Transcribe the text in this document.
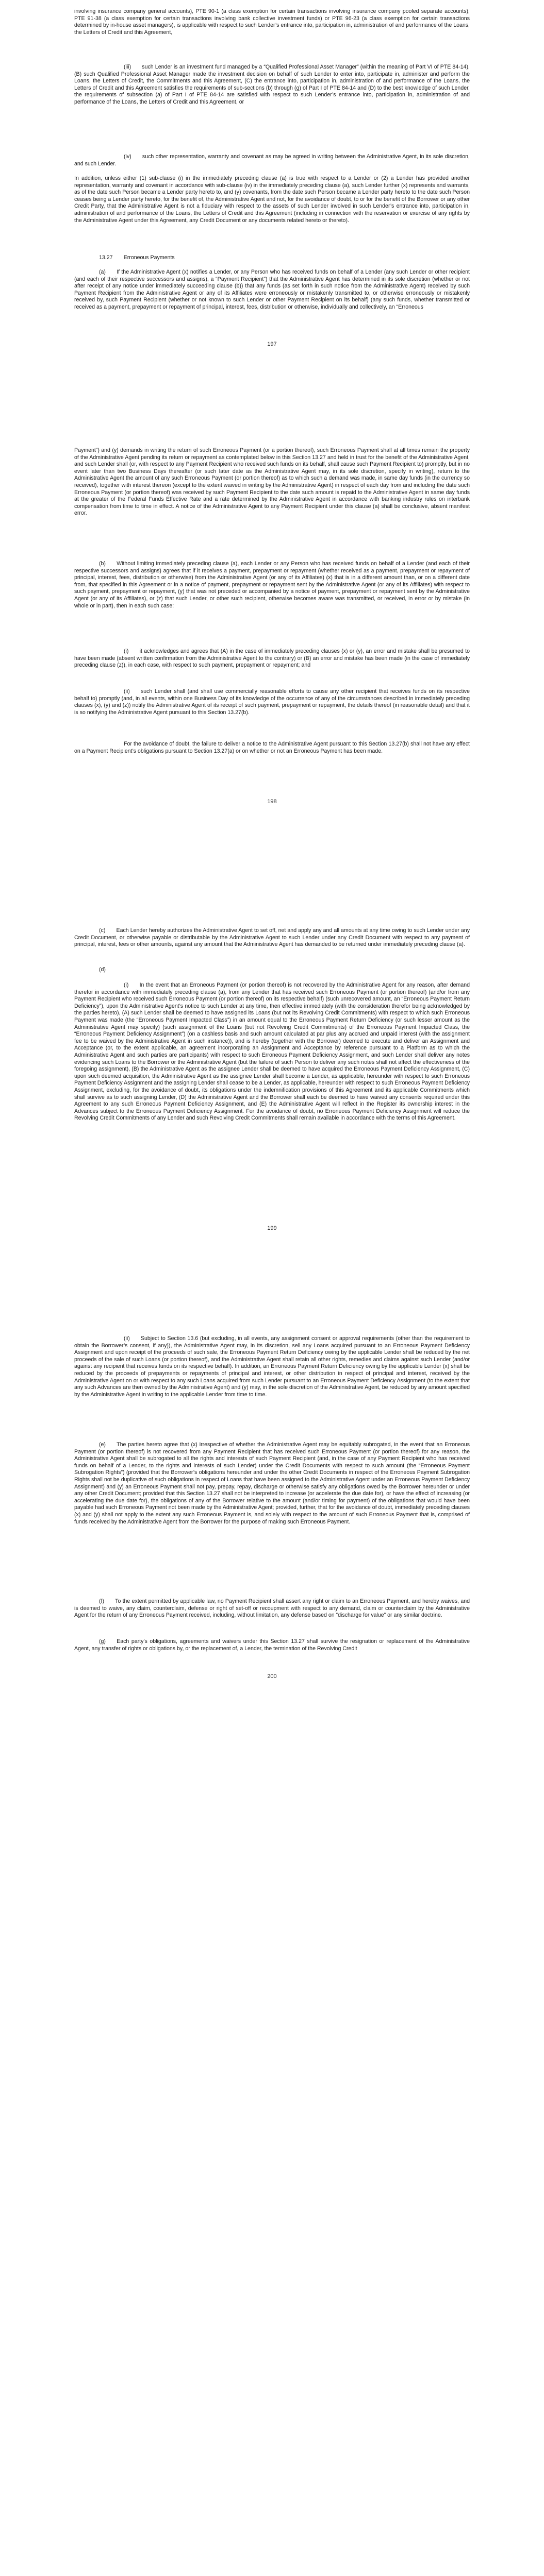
involving insurance company general accounts), PTE 90-1 (a class exemption for certain transactions involving insurance company pooled separate accounts), PTE 91-38 (a class exemption for certain transactions involving bank collective investment funds) or PTE 96-23 (a class exemption for certain transactions determined by in-house asset managers), is applicable with respect to such Lender’s entrance into, participation in, administration of and performance of the Loans, the Letters of Credit and this Agreement,

(iii)  such Lender is an investment fund managed by a “Qualified Professional Asset Manager” (within the meaning of Part VI of PTE 84-14), (B) such Qualified Professional Asset Manager made the investment decision on behalf of such Lender to enter into, participate in, administer and perform the Loans, the Letters of Credit, the Commitments and this Agreement, (C) the entrance into, participation in, administration of and performance of the Loans, the Letters of Credit and this Agreement satisfies the requirements of sub-sections (b) through (g) of Part I of PTE 84-14 and (D) to the best knowledge of such Lender, the requirements of subsection (a) of Part I of PTE 84-14 are satisfied with respect to such Lender’s entrance into, participation in, administration of and performance of the Loans, the Letters of Credit and this Agreement, or

(iv)  such other representation, warranty and covenant as may be agreed in writing between the Administrative Agent, in its sole discretion, and such Lender.

In addition, unless either (1) sub-clause (i) in the immediately preceding clause (a) is true with respect to a Lender or (2) a Lender has provided another representation, warranty and covenant in accordance with sub-clause (iv) in the immediately preceding clause (a), such Lender further (x) represents and warrants, as of the date such Person became a Lender party hereto to, and (y) covenants, from the date such Person became a Lender party hereto to the date such Person ceases being a Lender party hereto, for the benefit of, the Administrative Agent and not, for the avoidance of doubt, to or for the benefit of the Borrower or any other Credit Party, that the Administrative Agent is not a fiduciary with respect to the assets of such Lender involved in such Lender’s entrance into, participation in, administration of and performance of the Loans, the Letters of Credit and this Agreement (including in connection with the reservation or exercise of any rights by the Administrative Agent under this Agreement, any Credit Document or any documents related hereto or thereto).

13.27  Erroneous Payments

(a)  If the Administrative Agent (x) notifies a Lender, or any Person who has received funds on behalf of a Lender (any such Lender or other recipient (and each of their respective successors and assigns), a “Payment Recipient”) that the Administrative Agent has determined in its sole discretion (whether or not after receipt of any notice under immediately succeeding clause (b)) that any funds (as set forth in such notice from the Administrative Agent) received by such Payment Recipient from the Administrative Agent or any of its Affiliates were erroneously or mistakenly transmitted to, or otherwise erroneously or mistakenly received by, such Payment Recipient (whether or not known to such Lender or other Payment Recipient on its behalf) (any such funds, whether transmitted or received as a payment, prepayment or repayment of principal, interest, fees, distribution or otherwise, individually and collectively, an “Erroneous

197

Payment”) and (y) demands in writing the return of such Erroneous Payment (or a portion thereof), such Erroneous Payment shall at all times remain the property of the Administrative Agent pending its return or repayment as contemplated below in this Section 13.27 and held in trust for the benefit of the Administrative Agent, and such Lender shall (or, with respect to any Payment Recipient who received such funds on its behalf, shall cause such Payment Recipient to) promptly, but in no event later than two Business Days thereafter (or such later date as the Administrative Agent may, in its sole discretion, specify in writing), return to the Administrative Agent the amount of any such Erroneous Payment (or portion thereof) as to which such a demand was made, in same day funds (in the currency so received), together with interest thereon (except to the extent waived in writing by the Administrative Agent) in respect of each day from and including the date such Erroneous Payment (or portion thereof) was received by such Payment Recipient to the date such amount is repaid to the Administrative Agent in same day funds at the greater of the Federal Funds Effective Rate and a rate determined by the Administrative Agent in accordance with banking industry rules on interbank compensation from time to time in effect. A notice of the Administrative Agent to any Payment Recipient under this clause (a) shall be conclusive, absent manifest error.

(b)  Without limiting immediately preceding clause (a), each Lender or any Person who has received funds on behalf of a Lender (and each of their respective successors and assigns) agrees that if it receives a payment, prepayment or repayment (whether received as a payment, prepayment or repayment of principal, interest, fees, distribution or otherwise) from the Administrative Agent (or any of its Affiliates) (x) that is in a different amount than, or on a different date from, that specified in this Agreement or in a notice of payment, prepayment or repayment sent by the Administrative Agent (or any of its Affiliates) with respect to such payment, prepayment or repayment, (y) that was not preceded or accompanied by a notice of payment, prepayment or repayment sent by the Administrative Agent (or any of its Affiliates), or (z) that such Lender, or other such recipient, otherwise becomes aware was transmitted, or received, in error or by mistake (in whole or in part), then in each such case:

(i)  it acknowledges and agrees that (A) in the case of immediately preceding clauses (x) or (y), an error and mistake shall be presumed to have been made (absent written confirmation from the Administrative Agent to the contrary) or (B) an error and mistake has been made (in the case of immediately preceding clause (z)), in each case, with respect to such payment, prepayment or repayment; and

(ii)  such Lender shall (and shall use commercially reasonable efforts to cause any other recipient that receives funds on its respective behalf to) promptly (and, in all events, within one Business Day of its knowledge of the occurrence of any of the circumstances described in immediately preceding clauses (x), (y) and (z)) notify the Administrative Agent of its receipt of such payment, prepayment or repayment, the details thereof (in reasonable detail) and that it is so notifying the Administrative Agent pursuant to this Section 13.27(b).

For the avoidance of doubt, the failure to deliver a notice to the Administrative Agent pursuant to this Section 13.27(b) shall not have any effect on a Payment Recipient’s obligations pursuant to Section 13.27(a) or on whether or not an Erroneous Payment has been made.

198

(c)  Each Lender hereby authorizes the Administrative Agent to set off, net and apply any and all amounts at any time owing to such Lender under any Credit Document, or otherwise payable or distributable by the Administrative Agent to such Lender under any Credit Document with respect to any payment of principal, interest, fees or other amounts, against any amount that the Administrative Agent has demanded to be returned under immediately preceding clause (a).

(d)

(i)  In the event that an Erroneous Payment (or portion thereof) is not recovered by the Administrative Agent for any reason, after demand therefor in accordance with immediately preceding clause (a), from any Lender that has received such Erroneous Payment (or portion thereof) (and/or from any Payment Recipient who received such Erroneous Payment (or portion thereof) on its respective behalf) (such unrecovered amount, an “Erroneous Payment Return Deficiency”), upon the Administrative Agent’s notice to such Lender at any time, then effective immediately (with the consideration therefor being acknowledged by the parties hereto), (A) such Lender shall be deemed to have assigned its Loans (but not its Revolving Credit Commitments) with respect to which such Erroneous Payment was made (the “Erroneous Payment Impacted Class”) in an amount equal to the Erroneous Payment Return Deficiency (or such lesser amount as the Administrative Agent may specify) (such assignment of the Loans (but not Revolving Credit Commitments) of the Erroneous Payment Impacted Class, the “Erroneous Payment Deficiency Assignment”) (on a cashless basis and such amount calculated at par plus any accrued and unpaid interest (with the assignment fee to be waived by the Administrative Agent in such instance)), and is hereby (together with the Borrower) deemed to execute and deliver an Assignment and Acceptance (or, to the extent applicable, an agreement incorporating an Assignment and Acceptance by reference pursuant to a Platform as to which the Administrative Agent and such parties are participants) with respect to such Erroneous Payment Deficiency Assignment, and such Lender shall deliver any notes evidencing such Loans to the Borrower or the Administrative Agent (but the failure of such Person to deliver any such notes shall not affect the effectiveness of the foregoing assignment), (B) the Administrative Agent as the assignee Lender shall be deemed to have acquired the Erroneous Payment Deficiency Assignment, (C) upon such deemed acquisition, the Administrative Agent as the assignee Lender shall become a Lender, as applicable, hereunder with respect to such Erroneous Payment Deficiency Assignment and the assigning Lender shall cease to be a Lender, as applicable, hereunder with respect to such Erroneous Payment Deficiency Assignment, excluding, for the avoidance of doubt, its obligations under the indemnification provisions of this Agreement and its applicable Commitments which shall survive as to such assigning Lender, (D) the Administrative Agent and the Borrower shall each be deemed to have waived any consents required under this Agreement to any such Erroneous Payment Deficiency Assignment, and (E) the Administrative Agent will reflect in the Register its ownership interest in the Advances subject to the Erroneous Payment Deficiency Assignment. For the avoidance of doubt, no Erroneous Payment Deficiency Assignment will reduce the Revolving Credit Commitments of any Lender and such Revolving Credit Commitments shall remain available in accordance with the terms of this Agreement.

199

(ii)  Subject to Section 13.6 (but excluding, in all events, any assignment consent or approval requirements (other than the requirement to obtain the Borrower’s consent, if any)), the Administrative Agent may, in its discretion, sell any Loans acquired pursuant to an Erroneous Payment Deficiency Assignment and upon receipt of the proceeds of such sale, the Erroneous Payment Return Deficiency owing by the applicable Lender shall be reduced by the net proceeds of the sale of such Loans (or portion thereof), and the Administrative Agent shall retain all other rights, remedies and claims against such Lender (and/or against any recipient that receives funds on its respective behalf). In addition, an Erroneous Payment Return Deficiency owing by the applicable Lender (x) shall be reduced by the proceeds of prepayments or repayments of principal and interest, or other distribution in respect of principal and interest, received by the Administrative Agent on or with respect to any such Loans acquired from such Lender pursuant to an Erroneous Payment Deficiency Assignment (to the extent that any such Advances are then owned by the Administrative Agent) and (y) may, in the sole discretion of the Administrative Agent, be reduced by any amount specified by the Administrative Agent in writing to the applicable Lender from time to time.

(e)  The parties hereto agree that (x) irrespective of whether the Administrative Agent may be equitably subrogated, in the event that an Erroneous Payment (or portion thereof) is not recovered from any Payment Recipient that has received such Erroneous Payment (or portion thereof) for any reason, the Administrative Agent shall be subrogated to all the rights and interests of such Payment Recipient (and, in the case of any Payment Recipient who has received funds on behalf of a Lender, to the rights and interests of such Lender) under the Credit Documents with respect to such amount (the “Erroneous Payment Subrogation Rights”) (provided that the Borrower’s obligations hereunder and under the other Credit Documents in respect of the Erroneous Payment Subrogation Rights shall not be duplicative of such obligations in respect of Loans that have been assigned to the Administrative Agent under an Erroneous Payment Deficiency Assignment) and (y) an Erroneous Payment shall not pay, prepay, repay, discharge or otherwise satisfy any obligations owed by the Borrower hereunder or under any other Credit Document; provided that this Section 13.27 shall not be interpreted to increase (or accelerate the due date for), or have the effect of increasing (or accelerating the due date for), the obligations of any of the Borrower relative to the amount (and/or timing for payment) of the obligations that would have been payable had such Erroneous Payment not been made by the Administrative Agent; provided, further, that for the avoidance of doubt, immediately preceding clauses (x) and (y) shall not apply to the extent any such Erroneous Payment is, and solely with respect to the amount of such Erroneous Payment that is, comprised of funds received by the Administrative Agent from the Borrower for the purpose of making such Erroneous Payment.

(f)  To the extent permitted by applicable law, no Payment Recipient shall assert any right or claim to an Erroneous Payment, and hereby waives, and is deemed to waive, any claim, counterclaim, defense or right of set-off or recoupment with respect to any demand, claim or counterclaim by the Administrative Agent for the return of any Erroneous Payment received, including, without limitation, any defense based on “discharge for value” or any similar doctrine.

(g)  Each party’s obligations, agreements and waivers under this Section 13.27 shall survive the resignation or replacement of the Administrative Agent, any transfer of rights or obligations by, or the replacement of, a Lender, the termination of the Revolving Credit

200
